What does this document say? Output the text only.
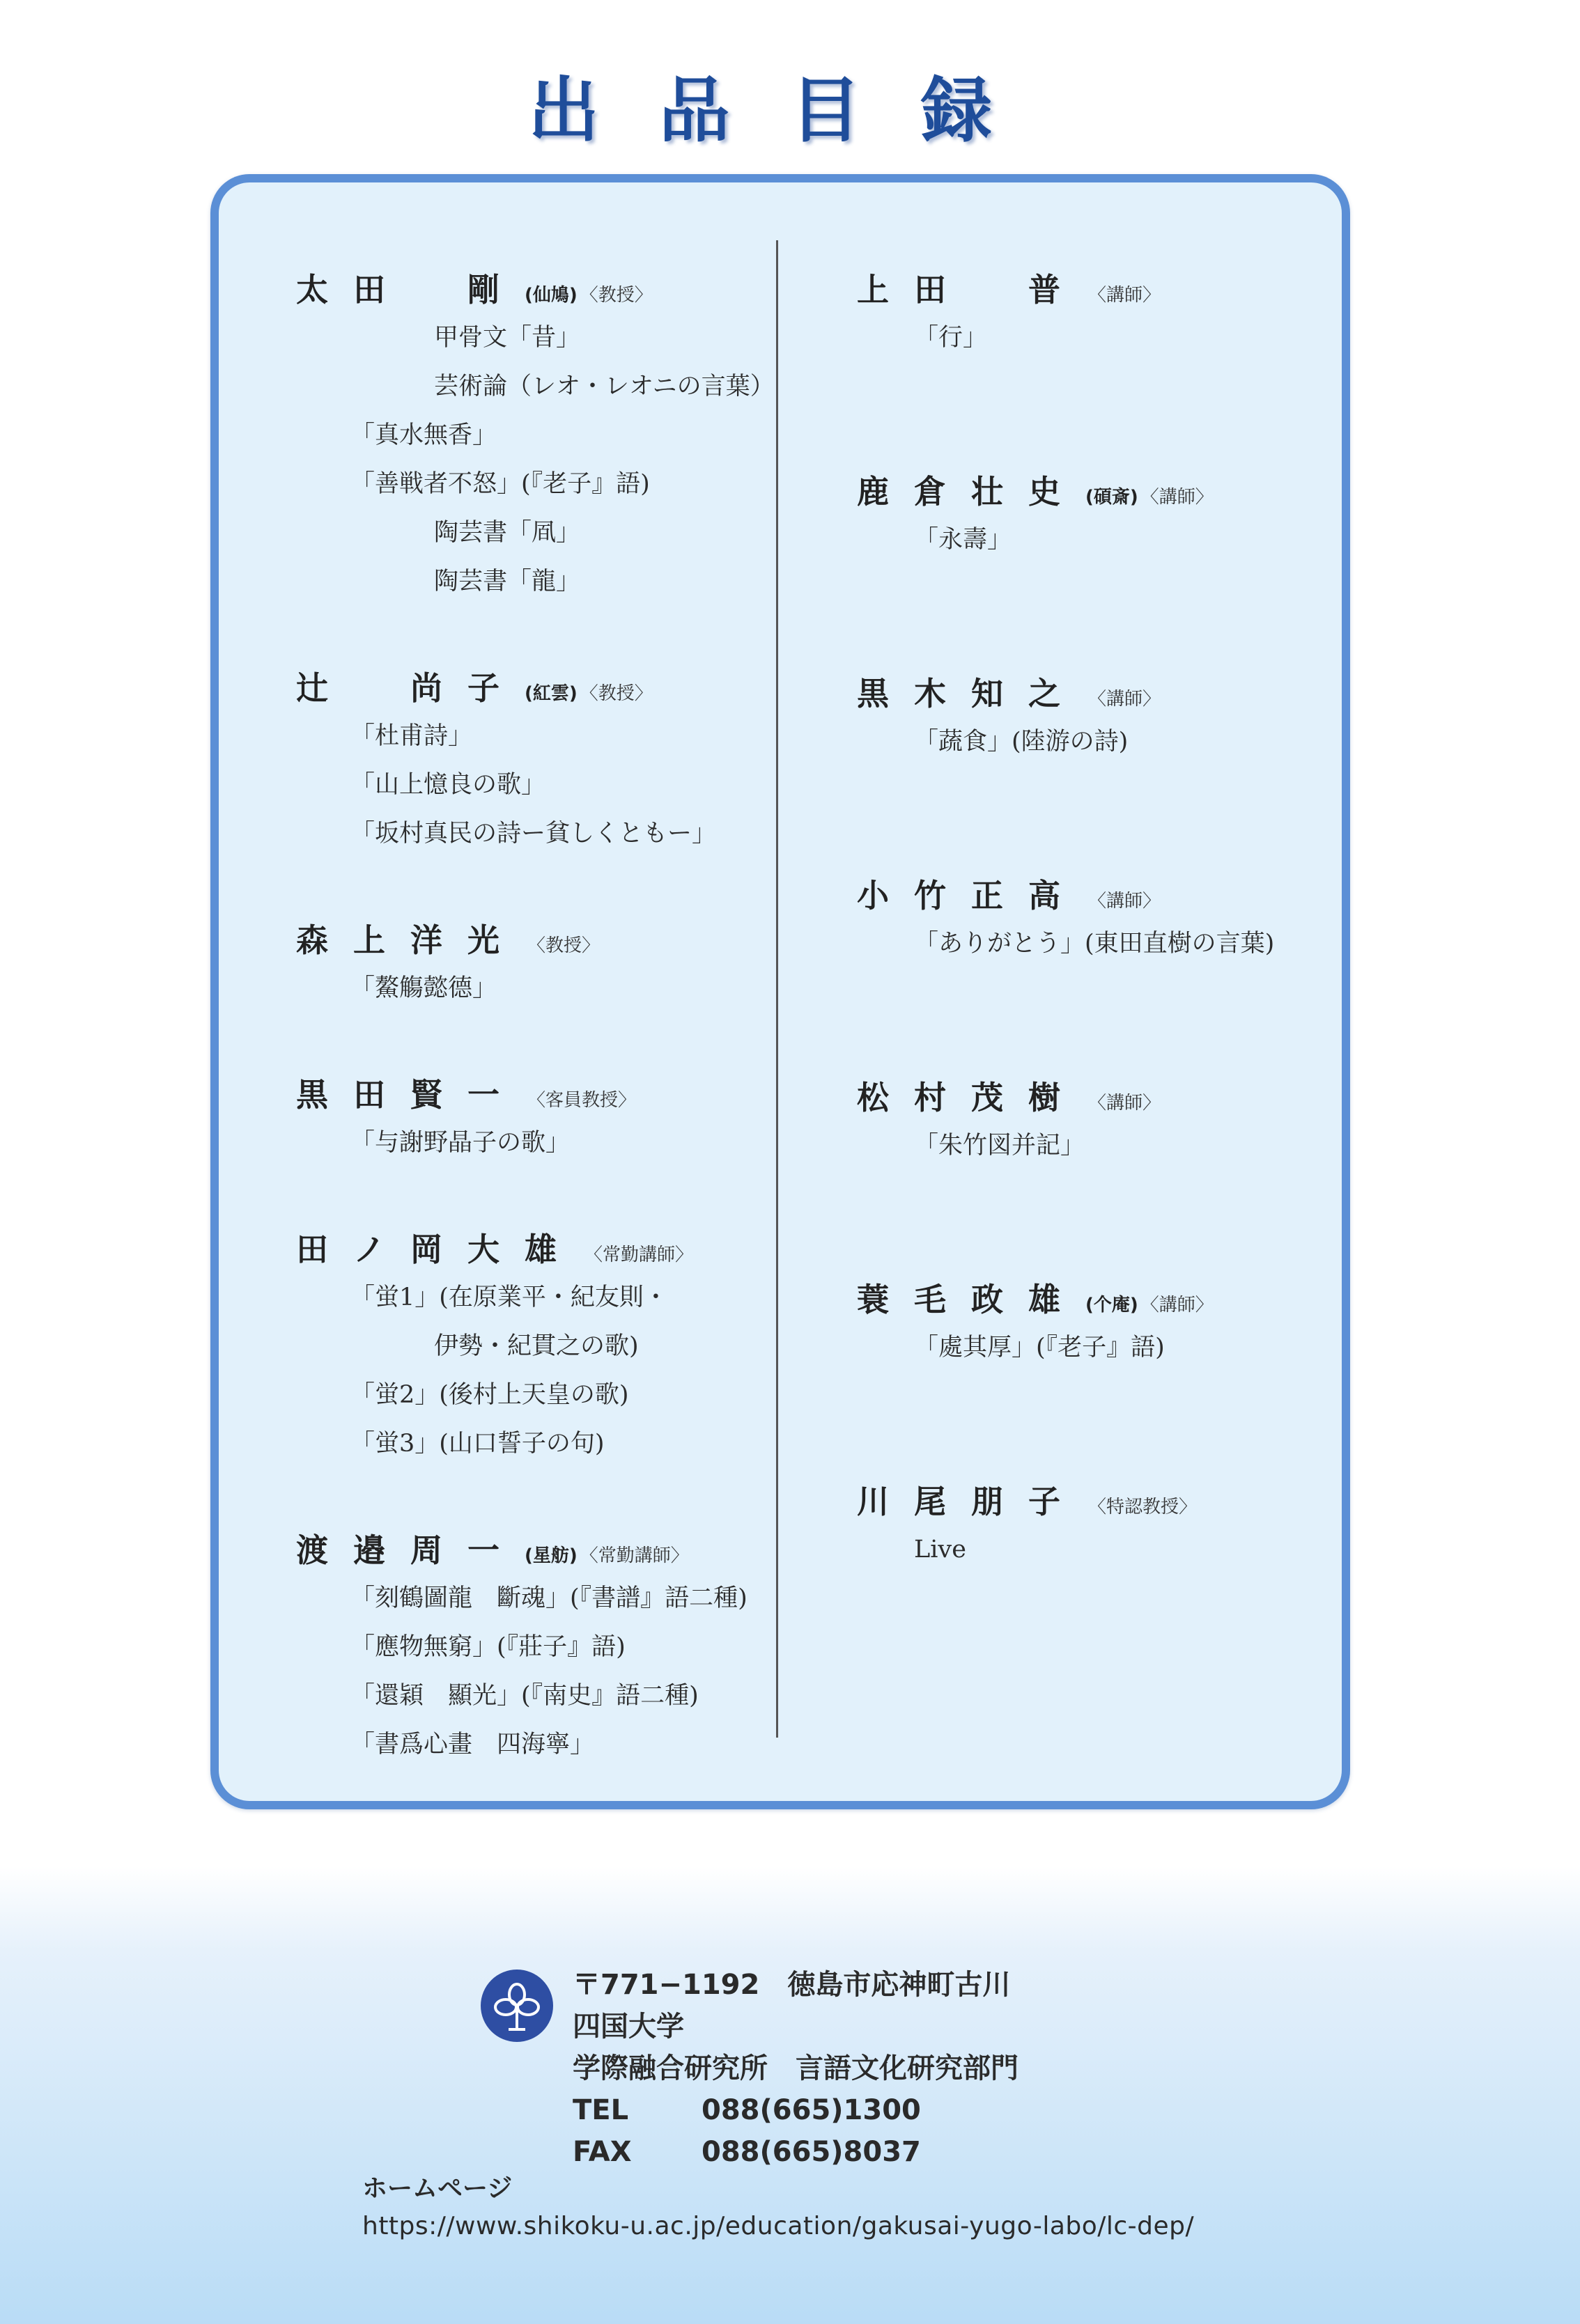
出品目録
太田　剛 (仙鳩) 〈教授〉
甲骨文「昔」
芸術論（レオ・レオニの言葉）
「真水無香」
「善戦者不怒」(『老子』語)
陶芸書「凮」
陶芸書「龍」
辻　尚子 (紅雲) 〈教授〉
「杜甫詩」
「山上憶良の歌」
「坂村真民の詩ー貧しくともー」
森上洋光 〈教授〉
「鰲觴懿德」
黒田賢一 〈客員教授〉
「与謝野晶子の歌」
田ノ岡大雄 〈常勤講師〉
「蛍1」(在原業平・紀友則・
伊勢・紀貫之の歌)
「蛍2」(後村上天皇の歌)
「蛍3」(山口誓子の句)
渡邉周一 (星舫) 〈常勤講師〉
「刻鶴圖龍　斷魂」(『書譜』語二種)
「應物無窮」(『莊子』語)
「還穎　顯光」(『南史』語二種)
「書爲心畫　四海寧」
上田　普 〈講師〉
「行」
鹿倉壮史 (碩斎) 〈講師〉
「永壽」
黒木知之 〈講師〉
「蔬食」(陸游の詩)
小竹正高 〈講師〉
「ありがとう」(東田直樹の言葉)
松村茂樹 〈講師〉
「朱竹図并記」
蓑毛政雄 (个庵) 〈講師〉
「處其厚」(『老子』語)
川尾朋子 〈特認教授〉
Live
〒771−1192　徳島市応神町古川
四国大学
学際融合研究所　言語文化研究部門
TEL	088(665)1300
FAX	088(665)8037
ホームページ
https://www.shikoku-u.ac.jp/education/gakusai-yugo-labo/lc-dep/
